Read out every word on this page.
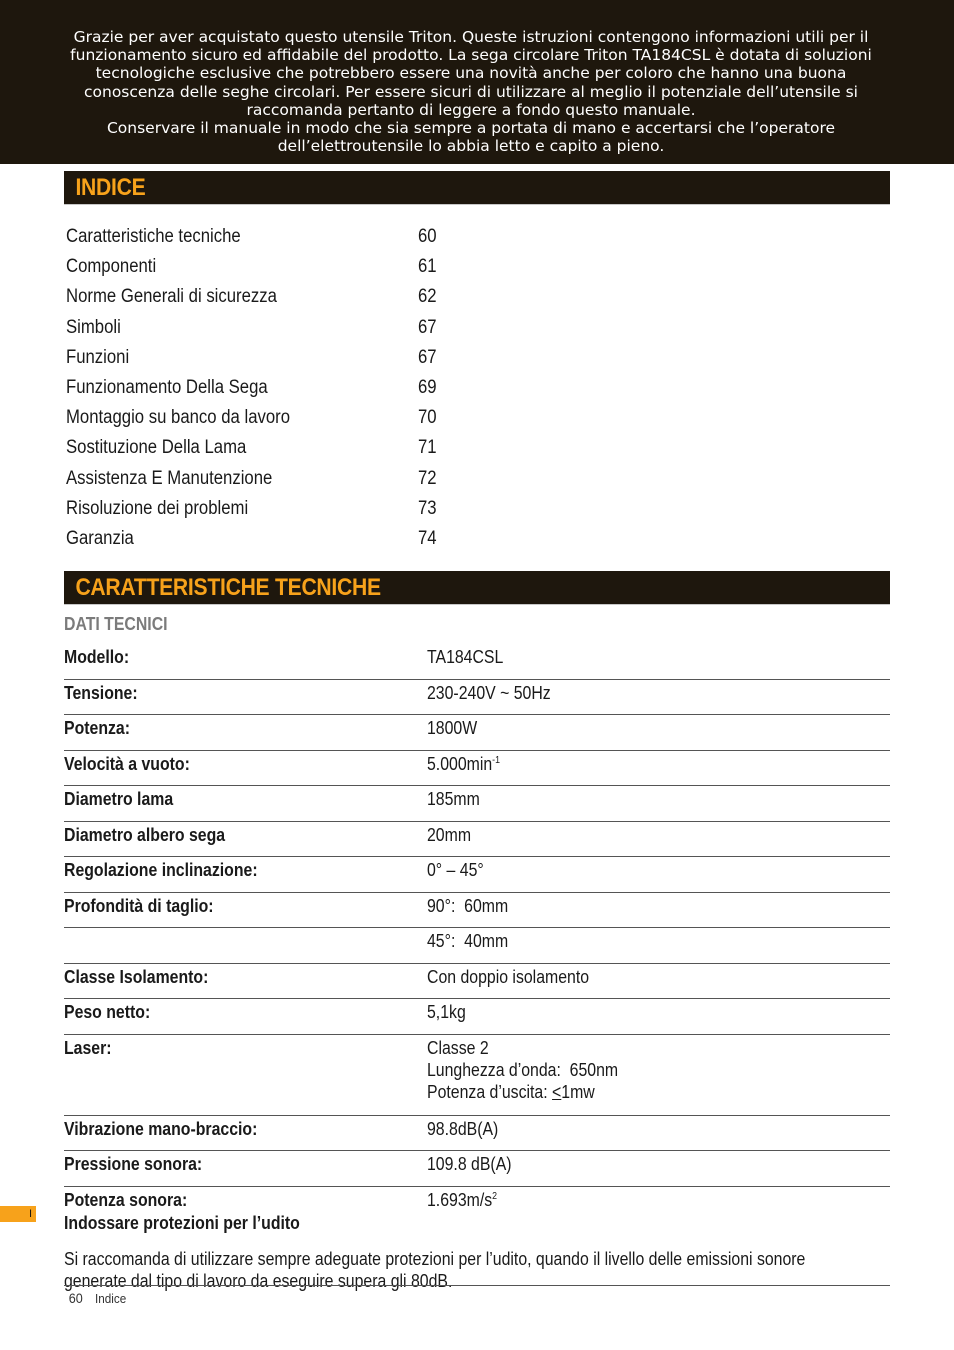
Grazie per aver acquistato questo utensile Triton. Queste istruzioni contengono informazioni utili per il funzionamento sicuro ed affidabile del prodotto. La sega circolare Triton TA184CSL è dotata di soluzioni tecnologiche esclusive che potrebbero essere una novità anche per coloro che hanno una buona conoscenza delle seghe circolari. Per essere sicuri di utilizzare al meglio il potenziale dell’utensile si raccomanda pertanto di leggere a fondo questo manuale.

Conservare il manuale in modo che sia sempre a portata di mano e accertarsi che l’operatore dell’elettroutensile lo abbia letto e capito a pieno.

INDICE
Caratteristiche tecniche	60
Componenti	61
Norme Generali di sicurezza	62
Simboli	67
Funzioni	67
Funzionamento Della Sega	69
Montaggio su banco da lavoro	70
Sostituzione Della Lama	71
Assistenza E Manutenzione	72
Risoluzione dei problemi	73
Garanzia	74
CARATTERISTICHE TECNICHE
DATI TECNICI
Modello:	TA184CSL
Tensione:	230-240V ~ 50Hz
Potenza:	1800W
Velocità a vuoto:	$5.000\min^{-1}$
Diametro lama	185mm
Diametro albero sega	20mm
Regolazione inclinazione:	0° – 45°
Profondità di taglio:	90°:  60mm
45°:  40mm
Classe Isolamento:	Con doppio isolamento
Peso netto:	5,1kg
Laser:	Classe 2
Lunghezza d’onda:  650nm
Potenza d’uscita: <1mw
Vibrazione mano-braccio:	98.8dB(A)
Pressione sonora:	109.8 dB(A)
Potenza sonora:	$1.693m/s^2$
Indossare protezioni per l’udito
Si raccomanda di utilizzare sempre adeguate protezioni per l’udito, quando il livello delle emissioni sonore generate dal tipo di lavoro da eseguire supera gli 80dB.
I
60 Indice
